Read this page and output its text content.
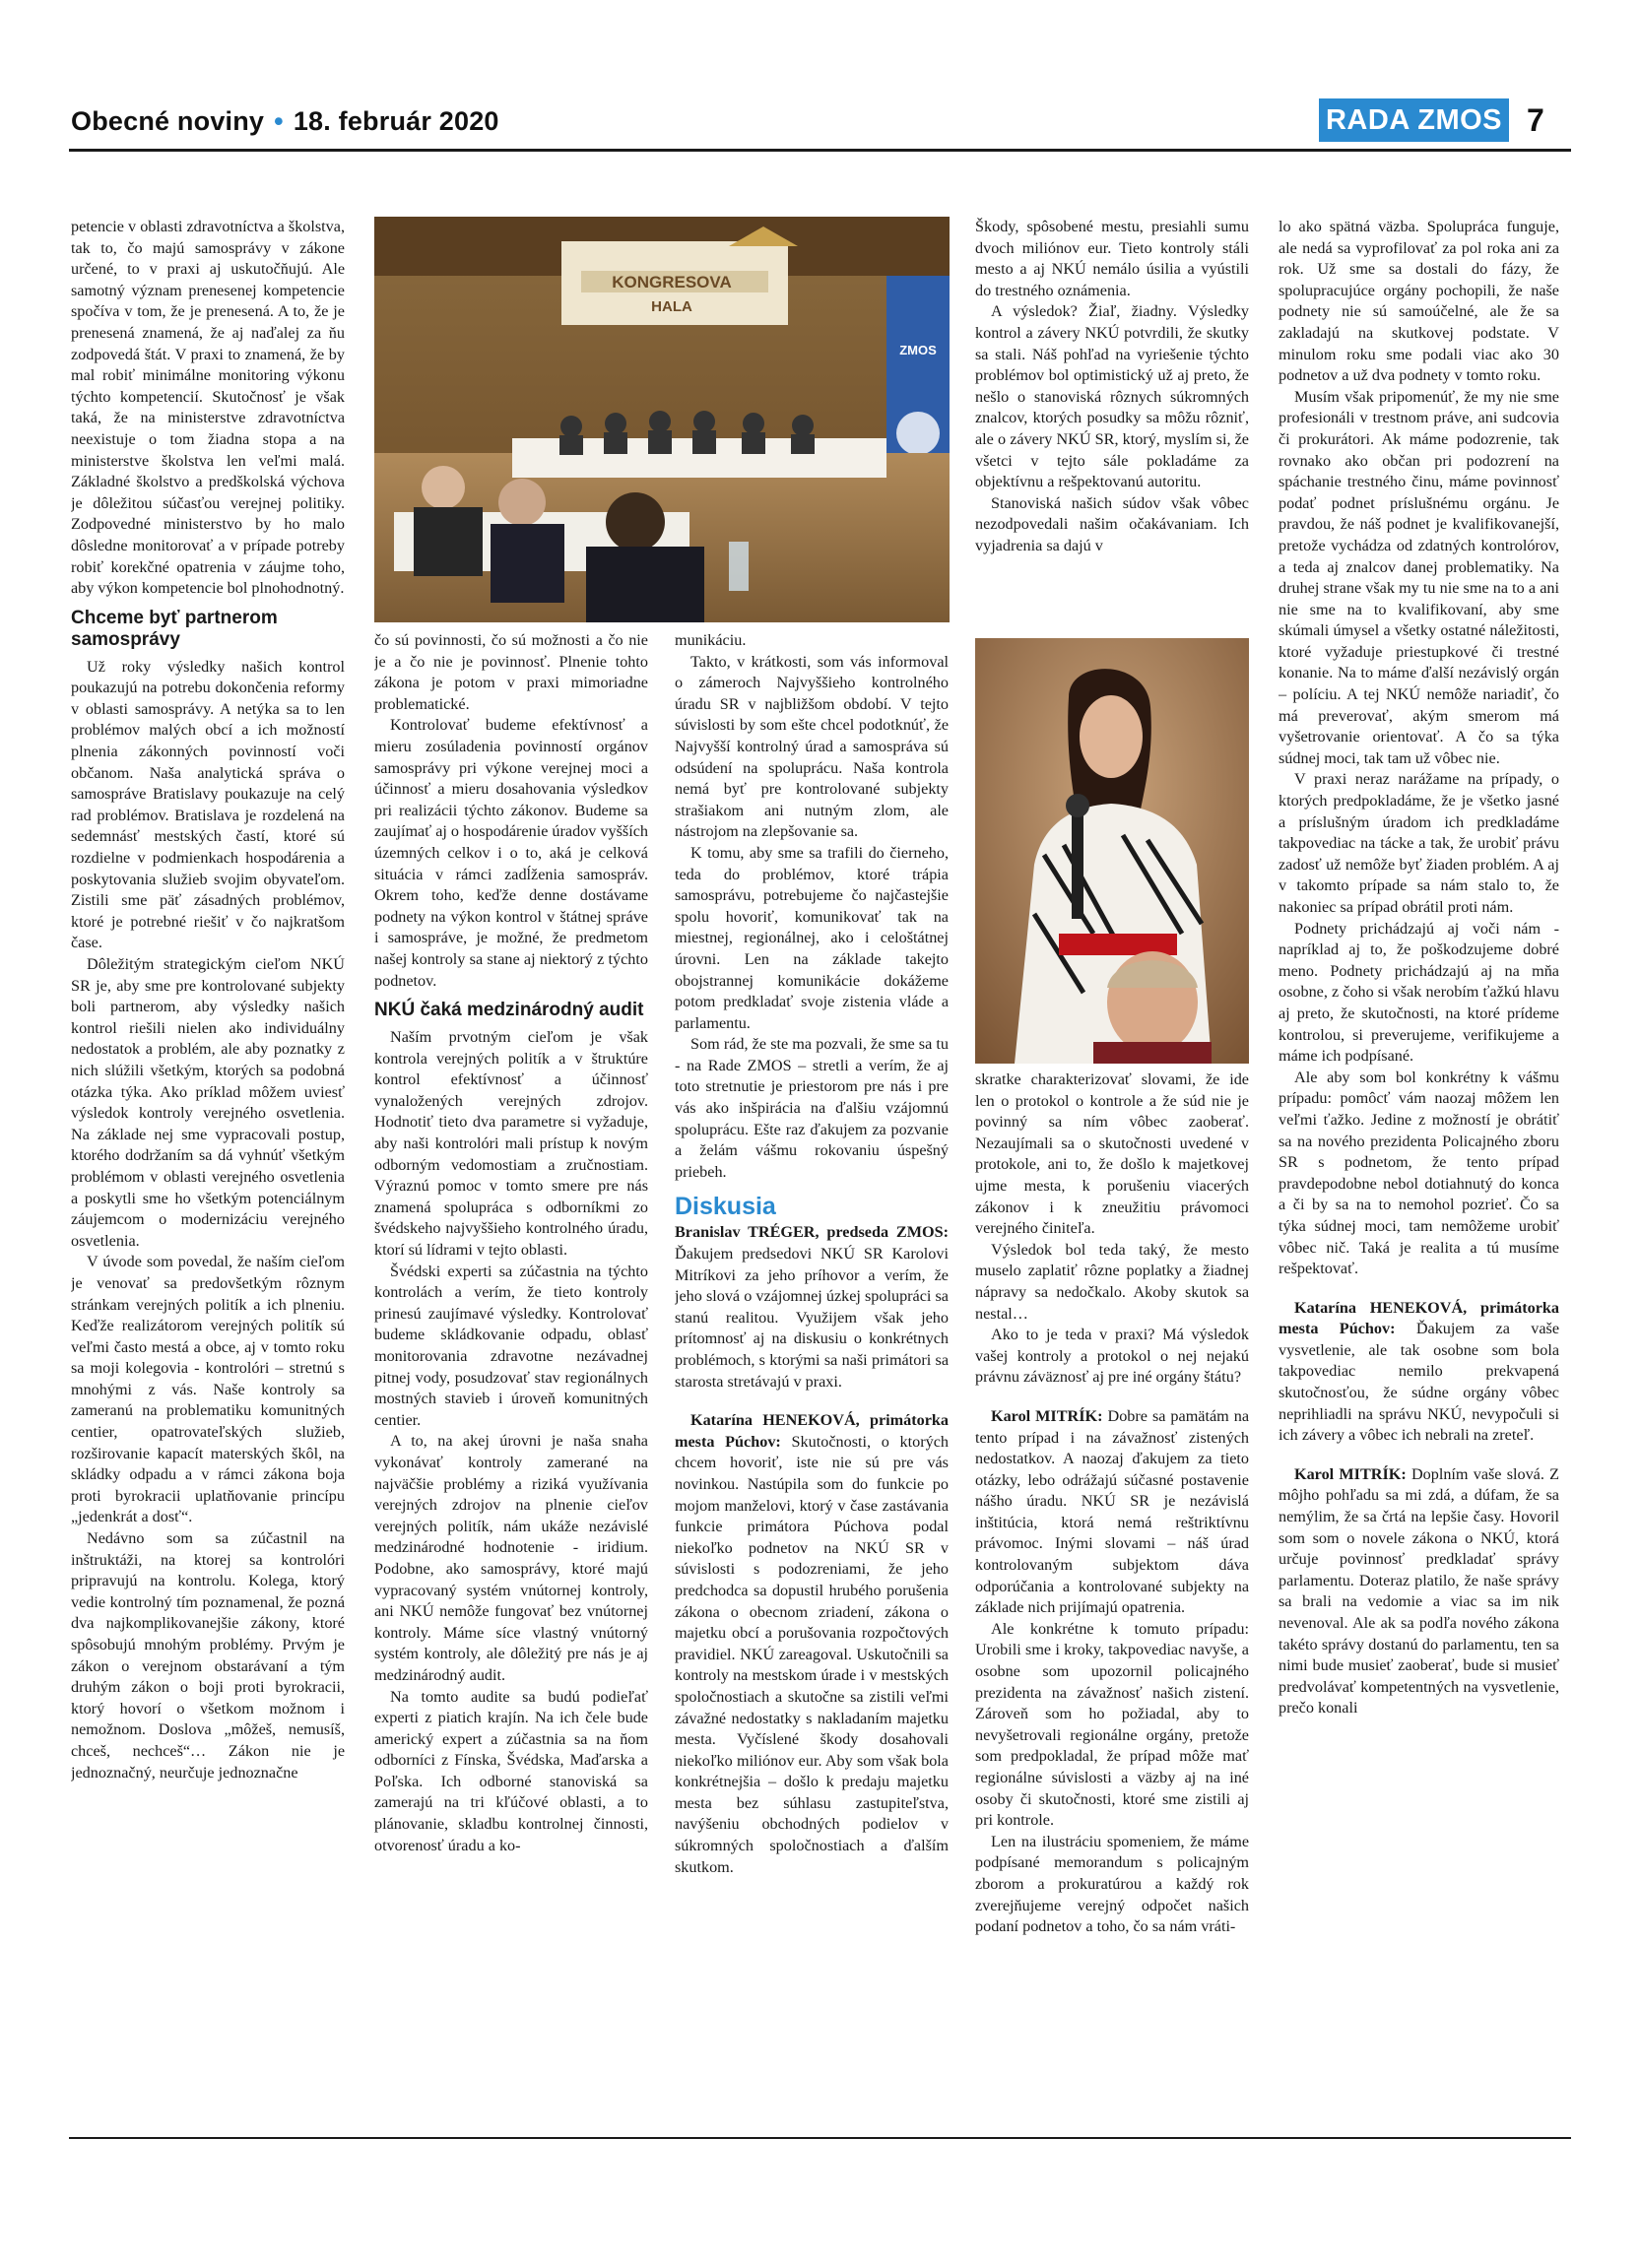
Obecné noviny • 18. február 2020	RADA ZMOS 7

petencie v oblasti zdravotníctva a školstva, tak to, čo majú samosprávy v zákone určené, to v praxi aj uskutočňujú. Ale samotný význam prenesenej kompetencie spočíva v tom, že je prenesená. A to, že je prenesená znamená, že aj naďalej za ňu zodpovedá štát. V praxi to znamená, že by mal robiť minimálne monitoring výkonu týchto kompetencií. Skutočnosť je však taká, že na ministerstve zdravotníctva neexistuje o tom žiadna stopa a na ministerstve školstva len veľmi malá. Základné školstvo a predškolská výchova je dôležitou súčasťou verejnej politiky. Zodpovedné ministerstvo by ho malo dôsledne monitorovať a v prípade potreby robiť korekčné opatrenia v záujme toho, aby výkon kompetencie bol plnohodnotný.

Chceme byť partnerom samosprávy

Už roky výsledky našich kontrol poukazujú na potrebu dokončenia reformy v oblasti samosprávy. A netýka sa to len problémov malých obcí a ich možností plnenia zákonných povinností voči občanom. Naša analytická správa o samospráve Bratislavy poukazuje na celý rad problémov. Bratislava je rozdelená na sedemnásť mestských častí, ktoré sú rozdielne v podmienkach hospodárenia a poskytovania služieb svojim obyvateľom. Zistili sme päť zásadných problémov, ktoré je potrebné riešiť v čo najkratšom čase.

Dôležitým strategickým cieľom NKÚ SR je, aby sme pre kontrolované subjekty boli partnerom, aby výsledky našich kontrol riešili nielen ako individuálny nedostatok a problém, ale aby poznatky z nich slúžili všetkým, ktorých sa podobná otázka týka. Ako príklad môžem uviesť výsledok kontroly verejného osvetlenia. Na základe nej sme vypracovali postup, ktorého dodržaním sa dá vyhnúť všetkým problémom v oblasti verejného osvetlenia a poskytli sme ho všetkým potenciálnym záujemcom o modernizáciu verejného osvetlenia.

V úvode som povedal, že naším cieľom je venovať sa predovšetkým rôznym stránkam verejných politík a ich plneniu. Keďže realizátorom verejných politík sú veľmi často mestá a obce, aj v tomto roku sa moji kolegovia - kontrolóri – stretnú s mnohými z vás. Naše kontroly sa zameranú na problematiku komunitných centier, opatrovateľských služieb, rozširovanie kapacít materských škôl, na skládky odpadu a v rámci zákona boja proti byrokracii uplatňovanie princípu „jedenkrát a dosť“.

Nedávno som sa zúčastnil na inštruktáži, na ktorej sa kontrolóri pripravujú na kontrolu. Kolega, ktorý vedie kontrolný tím poznamenal, že pozná dva najkomplikovanejšie zákony, ktoré spôsobujú mnohým problémy. Prvým je zákon o verejnom obstarávaní a tým druhým zákon o boji proti byrokracii, ktorý hovorí o všetkom možnom i nemožnom. Doslova „môžeš, nemusíš, chceš, nechceš“… Zákon nie je jednoznačný, neurčuje jednoznačne

KONGRESOVA
HALA
ZMOS

čo sú povinnosti, čo sú možnosti a čo nie je a čo nie je povinnosť. Plnenie tohto zákona je potom v praxi mimoriadne problematické.

Kontrolovať budeme efektívnosť a mieru zosúladenia povinností orgánov samosprávy pri výkone verejnej moci a účinnosť a mieru dosahovania výsledkov pri realizácii týchto zákonov. Budeme sa zaujímať aj o hospodárenie úradov vyšších územných celkov i o to, aká je celková situácia v rámci zadĺženia samospráv. Okrem toho, keďže denne dostávame podnety na výkon kontrol v štátnej správe i samospráve, je možné, že predmetom našej kontroly sa stane aj niektorý z týchto podnetov.

NKÚ čaká medzinárodný audit

Naším prvotným cieľom je však kontrola verejných politík a v štruktúre kontrol efektívnosť a účinnosť vynaložených verejných zdrojov. Hodnotiť tieto dva parametre si vyžaduje, aby naši kontrolóri mali prístup k novým odborným vedomostiam a zručnostiam. Výraznú pomoc v tomto smere pre nás znamená spolupráca s odborníkmi zo švédskeho najvyššieho kontrolného úradu, ktorí sú lídrami v tejto oblasti.

Švédski experti sa zúčastnia na týchto kontrolách a verím, že tieto kontroly prinesú zaujímavé výsledky. Kontrolovať budeme skládkovanie odpadu, oblasť monitorovania zdravotne nezávadnej pitnej vody, posudzovať stav regionálnych mostných stavieb i úroveň komunitných centier.

A to, na akej úrovni je naša snaha vykonávať kontroly zamerané na najväčšie problémy a riziká využívania verejných zdrojov na plnenie cieľov verejných politík, nám ukáže nezávislé medzinárodné hodnotenie - iridium. Podobne, ako samosprávy, ktoré majú vypracovaný systém vnútornej kontroly, ani NKÚ nemôže fungovať bez vnútornej kontroly. Máme síce vlastný vnútorný systém kontroly, ale dôležitý pre nás je aj medzinárodný audit.

Na tomto audite sa budú podieľať experti z piatich krajín. Na ich čele bude americký expert a zúčastnia sa na ňom odborníci z Fínska, Švédska, Maďarska a Poľska. Ich odborné stanoviská sa zamerajú na tri kľúčové oblasti, a to plánovanie, skladbu kontrolnej činnosti, otvorenosť úradu a ko-

munikáciu.

Takto, v krátkosti, som vás informoval o zámeroch Najvyššieho kontrolného úradu SR v najbližšom období. V tejto súvislosti by som ešte chcel podotknúť, že Najvyšší kontrolný úrad a samospráva sú odsúdení na spoluprácu. Naša kontrola nemá byť pre kontrolované subjekty strašiakom ani nutným zlom, ale nástrojom na zlepšovanie sa.

K tomu, aby sme sa trafili do čierneho, teda do problémov, ktoré trápia samosprávu, potrebujeme čo najčastejšie spolu hovoriť, komunikovať tak na miestnej, regionálnej, ako i celoštátnej úrovni. Len na základe takejto obojstrannej komunikácie dokážeme potom predkladať svoje zistenia vláde a parlamentu.

Som rád, že ste ma pozvali, že sme sa tu - na Rade ZMOS – stretli a verím, že aj toto stretnutie je priestorom pre nás i pre vás ako inšpirácia na ďalšiu vzájomnú spoluprácu. Ešte raz ďakujem za pozvanie a želám vášmu rokovaniu úspešný priebeh.

Diskusia

Branislav TRÉGER, predseda ZMOS: Ďakujem predsedovi NKÚ SR Karolovi Mitríkovi za jeho príhovor a verím, že jeho slová o vzájomnej úzkej spolupráci sa stanú realitou. Využijem však jeho prítomnosť aj na diskusiu o konkrétnych problémoch, s ktorými sa naši primátori sa starosta stretávajú v praxi.

Katarína HENEKOVÁ, primátorka mesta Púchov: Skutočnosti, o ktorých chcem hovoriť, iste nie sú pre vás novinkou. Nastúpila som do funkcie po mojom manželovi, ktorý v čase zastávania funkcie primátora Púchova podal niekoľko podnetov na NKÚ SR v súvislosti s podozreniami, že jeho predchodca sa dopustil hrubého porušenia zákona o obecnom zriadení, zákona o majetku obcí a porušovania rozpočtových pravidiel. NKÚ zareagoval. Uskutočnili sa kontroly na mestskom úrade i v mestských spoločnostiach a skutočne sa zistili veľmi závažné nedostatky s nakladaním majetku mesta. Vyčíslené škody dosahovali niekoľko miliónov eur. Aby som však bola konkrétnejšia – došlo k predaju majetku mesta bez súhlasu zastupiteľstva, navýšeniu obchodných podielov v súkromných spoločnostiach a ďalším skutkom.

Škody, spôsobené mestu, presiahli sumu dvoch miliónov eur. Tieto kontroly stáli mesto a aj NKÚ nemálo úsilia a vyústili do trestného oznámenia.

A výsledok? Žiaľ, žiadny. Výsledky kontrol a závery NKÚ potvrdili, že skutky sa stali. Náš pohľad na vyriešenie týchto problémov bol optimistický už aj preto, že nešlo o stanoviská rôznych súkromných znalcov, ktorých posudky sa môžu rôzniť, ale o závery NKÚ SR, ktorý, myslím si, že všetci v tejto sále pokladáme za objektívnu a rešpektovanú autoritu.

Stanoviská našich súdov však vôbec nezodpovedali našim očakávaniam. Ich vyjadrenia sa dajú v

skratke charakterizovať slovami, že ide len o protokol o kontrole a že súd nie je povinný sa ním vôbec zaoberať. Nezaujímali sa o skutočnosti uvedené v protokole, ani to, že došlo k majetkovej ujme mesta, k porušeniu viacerých zákonov i k zneužitiu právomoci verejného činiteľa.

Výsledok bol teda taký, že mesto muselo zaplatiť rôzne poplatky a žiadnej nápravy sa nedočkalo. Akoby skutok sa nestal…

Ako to je teda v praxi? Má výsledok vašej kontroly a protokol o nej nejakú právnu záväznosť aj pre iné orgány štátu?

Karol MITRÍK: Dobre sa pamätám na tento prípad i na závažnosť zistených nedostatkov. A naozaj ďakujem za tieto otázky, lebo odrážajú súčasné postavenie nášho úradu. NKÚ SR je nezávislá inštitúcia, ktorá nemá reštriktívnu právomoc. Inými slovami – náš úrad kontrolovaným subjektom dáva odporúčania a kontrolované subjekty na základe nich prijímajú opatrenia.

Ale konkrétne k tomuto prípadu: Urobili sme i kroky, takpovediac navyše, a osobne som upozornil policajného prezidenta na závažnosť našich zistení. Zároveň som ho požiadal, aby to nevyšetrovali regionálne orgány, pretože som predpokladal, že prípad môže mať regionálne súvislosti a väzby aj na iné osoby či skutočnosti, ktoré sme zistili aj pri kontrole.

Len na ilustráciu spomeniem, že máme podpísané memorandum s policajným zborom a prokuratúrou a každý rok zverejňujeme verejný odpočet našich podaní podnetov a toho, čo sa nám vráti-

lo ako spätná väzba. Spolupráca funguje, ale nedá sa vyprofilovať za pol roka ani za rok. Už sme sa dostali do fázy, že spolupracujúce orgány pochopili, že naše podnety nie sú samoúčelné, ale že sa zakladajú na skutkovej podstate. V minulom roku sme podali viac ako 30 podnetov a už dva podnety v tomto roku.

Musím však pripomenúť, že my nie sme profesionáli v trestnom práve, ani sudcovia či prokurátori. Ak máme podozrenie, tak rovnako ako občan pri podozrení na spáchanie trestného činu, máme povinnosť podať podnet príslušnému orgánu. Je pravdou, že náš podnet je kvalifikovanejší, pretože vychádza od zdatných kontrolórov, a teda aj znalcov danej problematiky. Na druhej strane však my tu nie sme na to a ani nie sme na to kvalifikovaní, aby sme skúmali úmysel a všetky ostatné náležitosti, ktoré vyžaduje priestupkové či trestné konanie. Na to máme ďalší nezávislý orgán – políciu. A tej NKÚ nemôže nariadiť, čo má preverovať, akým smerom má vyšetrovanie orientovať. A čo sa týka súdnej moci, tak tam už vôbec nie.

V praxi neraz narážame na prípady, o ktorých predpokladáme, že je všetko jasné a príslušným úradom ich predkladáme takpovediac na tácke a tak, že urobiť právu zadosť už nemôže byť žiaden problém. A aj v takomto prípade sa nám stalo to, že nakoniec sa prípad obrátil proti nám.

Podnety prichádzajú aj voči nám - napríklad aj to, že poškodzujeme dobré meno. Podnety prichádzajú aj na mňa osobne, z čoho si však nerobím ťažkú hlavu aj preto, že skutočnosti, na ktoré prídeme kontrolou, si preverujeme, verifikujeme a máme ich podpísané.

Ale aby som bol konkrétny k vášmu prípadu: pomôcť vám naozaj môžem len veľmi ťažko. Jedine z možností je obrátiť sa na nového prezidenta Policajného zboru SR s podnetom, že tento prípad pravdepodobne nebol dotiahnutý do konca a či by sa na to nemohol pozrieť. Čo sa týka súdnej moci, tam nemôžeme urobiť vôbec nič. Taká je realita a tú musíme rešpektovať.

Katarína HENEKOVÁ, primátorka mesta Púchov: Ďakujem za vaše vysvetlenie, ale tak osobne som bola takpovediac nemilo prekvapená skutočnosťou, že súdne orgány vôbec neprihliadli na správu NKÚ, nevypočuli si ich závery a vôbec ich nebrali na zreteľ.

Karol MITRÍK: Doplním vaše slová. Z môjho pohľadu sa mi zdá, a dúfam, že sa nemýlim, že sa črtá na lepšie časy. Hovoril som som o novele zákona o NKÚ, ktorá určuje povinnosť predkladať správy parlamentu. Doteraz platilo, že naše správy sa brali na vedomie a viac sa im nik nevenoval. Ale ak sa podľa nového zákona takéto správy dostanú do parlamentu, ten sa nimi bude musieť zaoberať, bude si musieť predvolávať kompetentných na vysvetlenie, prečo konali
